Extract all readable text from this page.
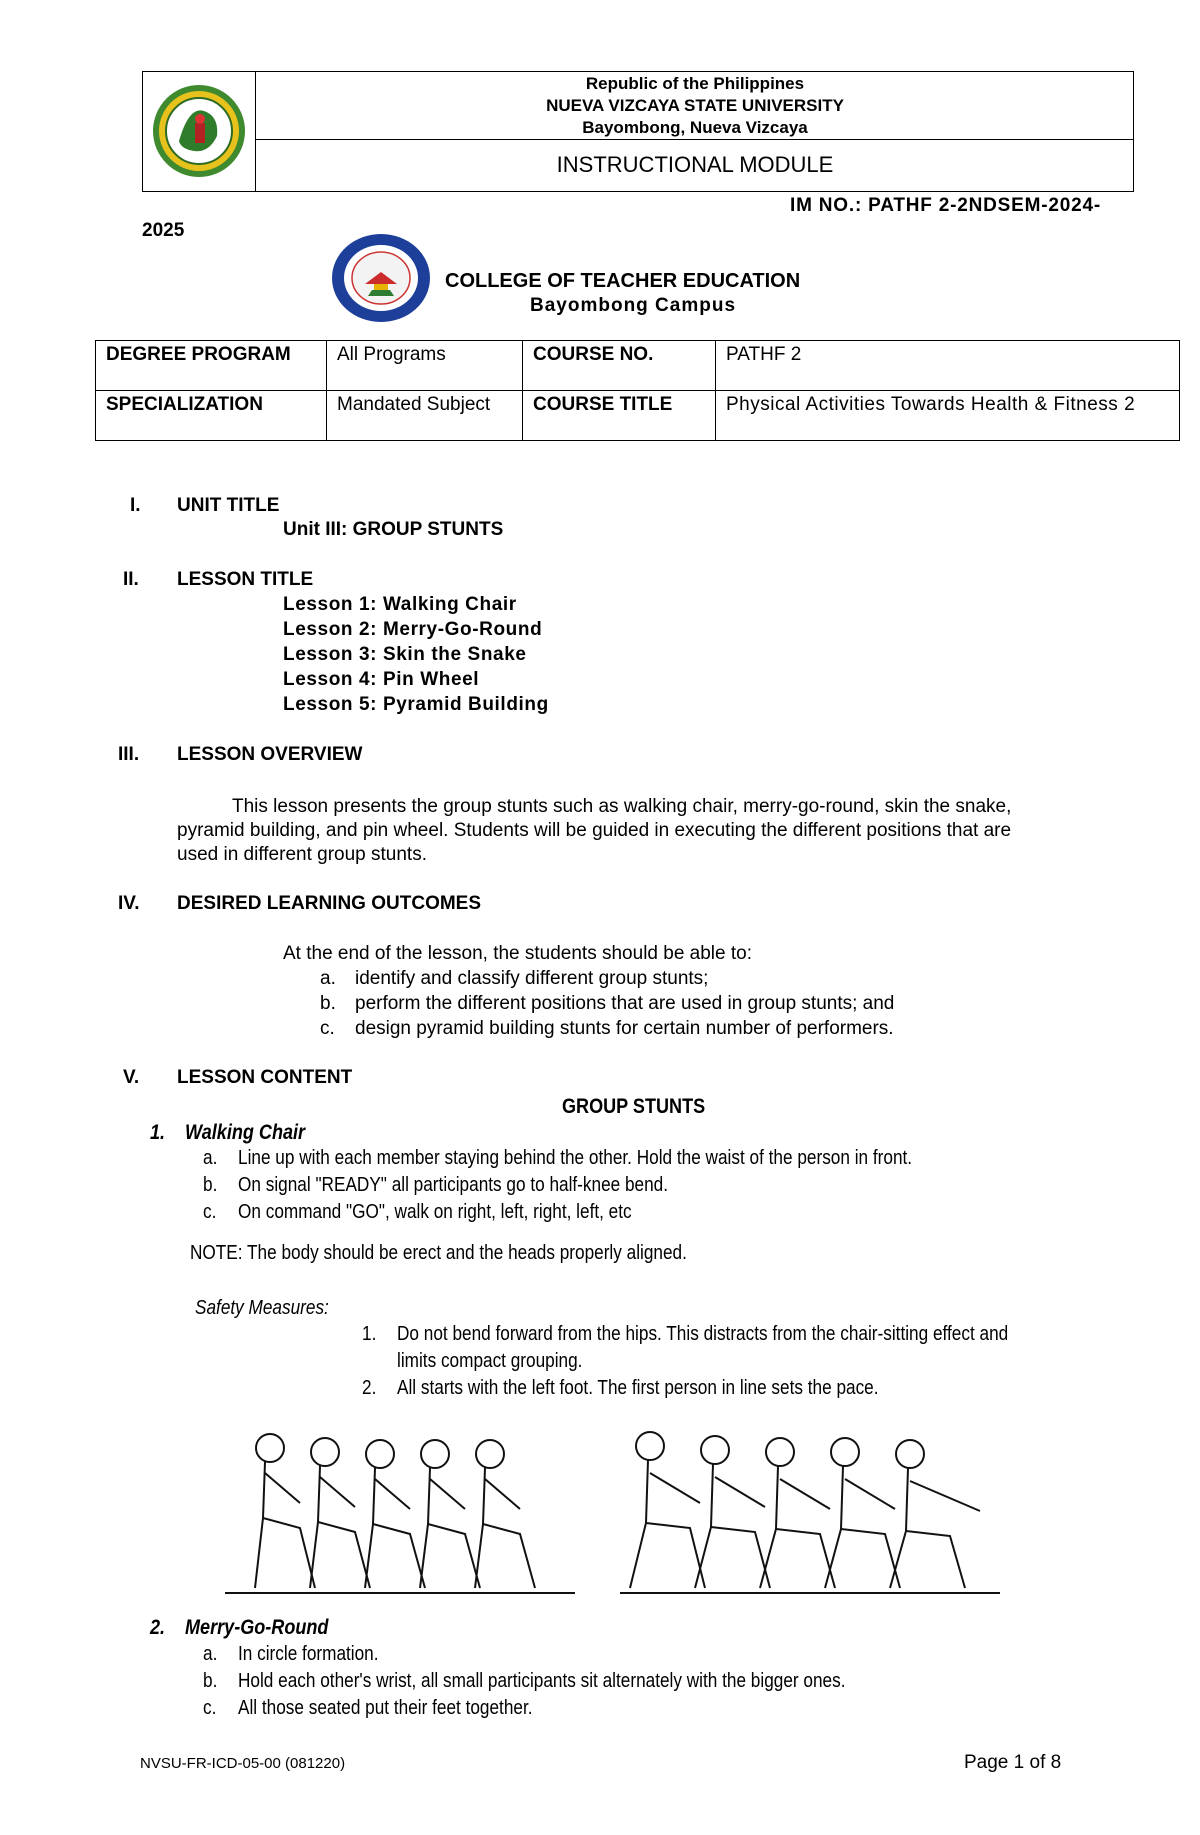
Republic of the Philippines
NUEVA VIZCAYA STATE UNIVERSITY
Bayombong, Nueva Vizcaya
INSTRUCTIONAL MODULE
IM NO.: PATHF 2-2NDSEM-2024-
2025
COLLEGE OF TEACHER EDUCATION
Bayombong Campus
DEGREE PROGRAM	All Programs	COURSE NO.	PATHF 2
SPECIALIZATION	Mandated Subject	COURSE TITLE	Physical Activities Towards Health & Fitness 2
I. UNIT TITLE
Unit III: GROUP STUNTS
II. LESSON TITLE
Lesson 1: Walking Chair
Lesson 2: Merry-Go-Round
Lesson 3: Skin the Snake
Lesson 4: Pin Wheel
Lesson 5: Pyramid Building
III. LESSON OVERVIEW
This lesson presents the group stunts such as walking chair, merry-go-round, skin the snake,
pyramid building, and pin wheel. Students will be guided in executing the different positions that are
used in different group stunts.
IV. DESIRED LEARNING OUTCOMES
At the end of the lesson, the students should be able to:
a. identify and classify different group stunts;
b. perform the different positions that are used in group stunts; and
c. design pyramid building stunts for certain number of performers.
V. LESSON CONTENT
GROUP STUNTS
1. Walking Chair
a. Line up with each member staying behind the other. Hold the waist of the person in front.
b. On signal "READY" all participants go to half-knee bend.
c. On command "GO", walk on right, left, right, left, etc
NOTE: The body should be erect and the heads properly aligned.
Safety Measures:
1. Do not bend forward from the hips. This distracts from the chair-sitting effect and
limits compact grouping.
2. All starts with the left foot. The first person in line sets the pace.
2. Merry-Go-Round
a. In circle formation.
b. Hold each other's wrist, all small participants sit alternately with the bigger ones.
c. All those seated put their feet together.
NVSU-FR-ICD-05-00 (081220)	Page 1 of 8
